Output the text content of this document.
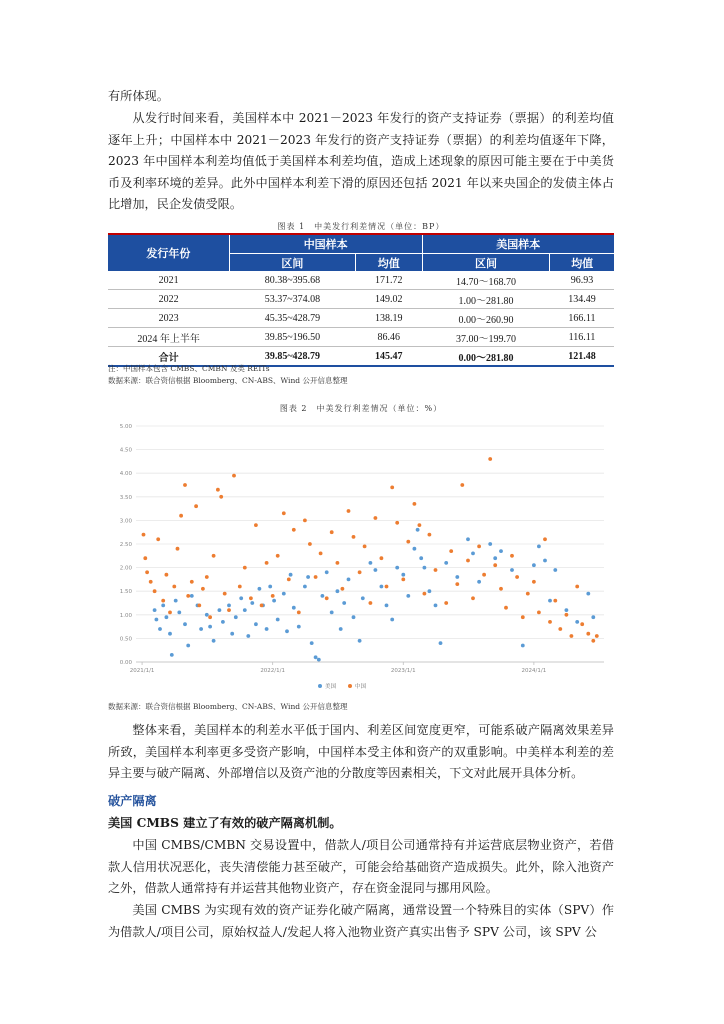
有所体现。

从发行时间来看，美国样本中 2021－2023 年发行的资产支持证券（票据）的利差均值逐年上升；中国样本中 2021－2023 年发行的资产支持证券（票据）的利差均值逐年下降，2023 年中国样本利差均值低于美国样本利差均值，造成上述现象的原因可能主要在于中美货币及利率环境的差异。此外中国样本利差下滑的原因还包括 2021 年以来央国企的发债主体占比增加，民企发债受限。

图表 1　中美发行利差情况（单位：BP）
发行年份	中国样本		美国样本	
	区间	均值	区间	均值
2021	80.38~395.68	171.72	14.70～168.70	96.93
2022	53.37~374.08	149.02	1.00～281.80	134.49
2023	45.35~428.79	138.19	0.00～260.90	166.11
2024 年上半年	39.85~196.50	86.46	37.00～199.70	116.11
合计	39.85~428.79	145.47	0.00～281.80	121.48
注：中国样本包含 CMBS、CMBN 及类 REITs
数据来源：联合资信根据 Bloomberg、CN-ABS、Wind 公开信息整理
图表 2　中美发行利差情况（单位：%）
0.00
0.50
1.00
1.50
2.00
2.50
3.00
3.50
4.00
4.50
5.00
2021/1/1	2022/1/1	2023/1/1	2024/1/1
美国	中国
数据来源：联合资信根据 Bloomberg、CN-ABS、Wind 公开信息整理

整体来看，美国样本的利差水平低于国内、利差区间宽度更窄，可能系破产隔离效果差异所致，美国样本利率更多受资产影响，中国样本受主体和资产的双重影响。中美样本利差的差异主要与破产隔离、外部增信以及资产池的分散度等因素相关，下文对此展开具体分析。

破产隔离
美国 CMBS 建立了有效的破产隔离机制。

中国 CMBS/CMBN 交易设置中，借款人/项目公司通常持有并运营底层物业资产，若借款人信用状况恶化，丧失清偿能力甚至破产，可能会给基础资产造成损失。此外，除入池资产之外，借款人通常持有并运营其他物业资产，存在资金混同与挪用风险。

美国 CMBS 为实现有效的资产证券化破产隔离，通常设置一个特殊目的实体（SPV）作为借款人/项目公司，原始权益人/发起人将入池物业资产真实出售予 SPV 公司，该 SPV 公
